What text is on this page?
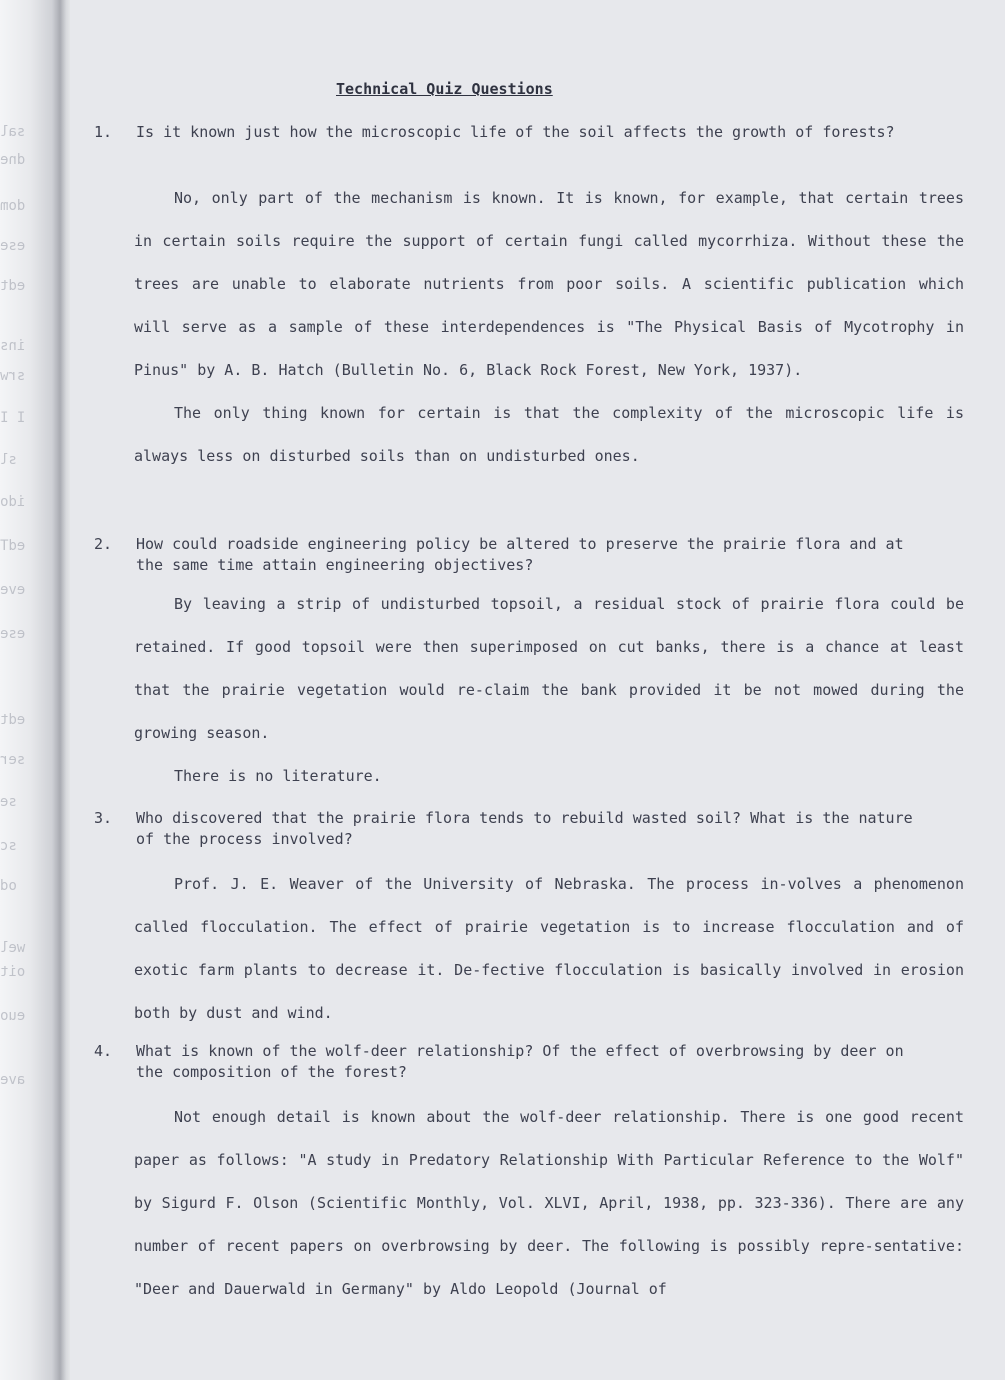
sal
dne
dom
ese
edt
ins
srw
I I
sl
ido
edT
eve
ese
edt
ser
se
sc
od
wel
oit
euo
ave
Technical Quiz Questions
1. Is it known just how the microscopic life of the soil affects the growth of forests?

No, only part of the mechanism is known. It is known, for example, that certain trees in certain soils require the support of certain fungi called mycorrhiza. Without these the trees are unable to elaborate nutrients from poor soils. A scientific publication which will serve as a sample of these interdependences is "The Physical Basis of Mycotrophy in Pinus" by A. B. Hatch (Bulletin No. 6, Black Rock Forest, New York, 1937).

The only thing known for certain is that the complexity of the microscopic life is always less on disturbed soils than on undisturbed ones.

2. How could roadside engineering policy be altered to preserve the prairie flora and at the same time attain engineering objectives?

By leaving a strip of undisturbed topsoil, a residual stock of prairie flora could be retained. If good topsoil were then superimposed on cut banks, there is a chance at least that the prairie vegetation would re-claim the bank provided it be not mowed during the growing season.

There is no literature.

3. Who discovered that the prairie flora tends to rebuild wasted soil? What is the nature of the process involved?

Prof. J. E. Weaver of the University of Nebraska. The process in-volves a phenomenon called flocculation. The effect of prairie vegetation is to increase flocculation and of exotic farm plants to decrease it. De-fective flocculation is basically involved in erosion both by dust and wind.

4. What is known of the wolf-deer relationship? Of the effect of overbrowsing by deer on the composition of the forest?

Not enough detail is known about the wolf-deer relationship. There is one good recent paper as follows: "A study in Predatory Relationship With Particular Reference to the Wolf" by Sigurd F. Olson (Scientific Monthly, Vol. XLVI, April, 1938, pp. 323-336). There are any number of recent papers on overbrowsing by deer. The following is possibly repre-sentative: "Deer and Dauerwald in Germany" by Aldo Leopold (Journal of
